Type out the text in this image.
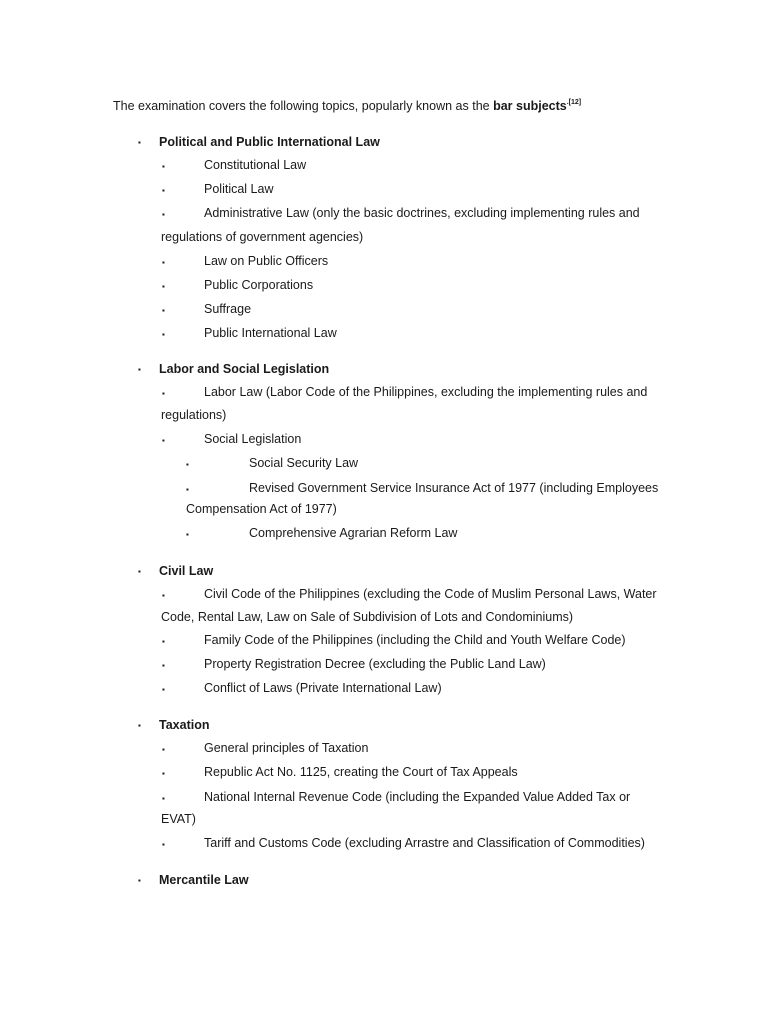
The examination covers the following topics, popularly known as the bar subjects$^{.[12]}$
▪
Political and Public International Law
▪
Constitutional Law
▪
Political Law
▪
Administrative Law (only the basic doctrines, excluding implementing rules and
regulations of government agencies)
▪
Law on Public Officers
▪
Public Corporations
▪
Suffrage
▪
Public International Law
▪
Labor and Social Legislation
▪
Labor Law (Labor Code of the Philippines, excluding the implementing rules and
regulations)
▪
Social Legislation
▪
Social Security Law
▪
Revised Government Service Insurance Act of 1977 (including Employees
Compensation Act of 1977)
▪
Comprehensive Agrarian Reform Law
▪
Civil Law
▪
Civil Code of the Philippines (excluding the Code of Muslim Personal Laws, Water
Code, Rental Law, Law on Sale of Subdivision of Lots and Condominiums)
▪
Family Code of the Philippines (including the Child and Youth Welfare Code)
▪
Property Registration Decree (excluding the Public Land Law)
▪
Conflict of Laws (Private International Law)
▪
Taxation
▪
General principles of Taxation
▪
Republic Act No. 1125, creating the Court of Tax Appeals
▪
National Internal Revenue Code (including the Expanded Value Added Tax or
EVAT)
▪
Tariff and Customs Code (excluding Arrastre and Classification of Commodities)
▪
Mercantile Law
